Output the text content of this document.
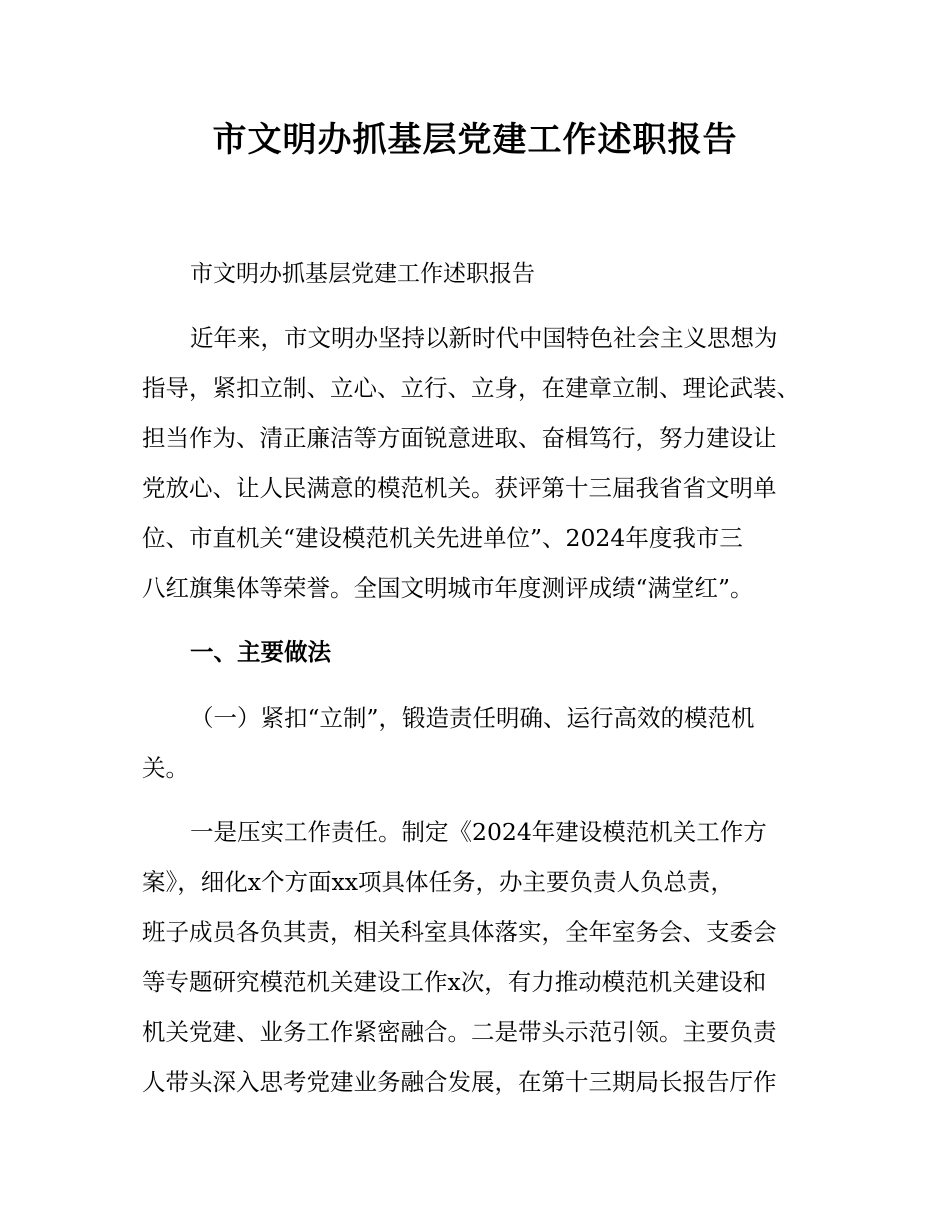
市文明办抓基层党建工作述职报告

市文明办抓基层党建工作述职报告

近年来，市文明办坚持以新时代中国特色社会主义思想为

指导，紧扣立制、立心、立行、立身，在建章立制、理论武装、

担当作为、清正廉洁等方面锐意进取、奋楫笃行，努力建设让

党放心、让人民满意的模范机关。获评第十三届我省省文明单

位、市直机关“建设模范机关先进单位”、2024年度我市三

八红旗集体等荣誉。全国文明城市年度测评成绩“满堂红”。

一、主要做法

（一）紧扣“立制”，锻造责任明确、运行高效的模范机

关。

一是压实工作责任。制定《2024年建设模范机关工作方

案》，细化x个方面xx项具体任务，办主要负责人负总责，

班子成员各负其责，相关科室具体落实，全年室务会、支委会

等专题研究模范机关建设工作x次，有力推动模范机关建设和

机关党建、业务工作紧密融合。二是带头示范引领。主要负责

人带头深入思考党建业务融合发展，在第十三期局长报告厅作
